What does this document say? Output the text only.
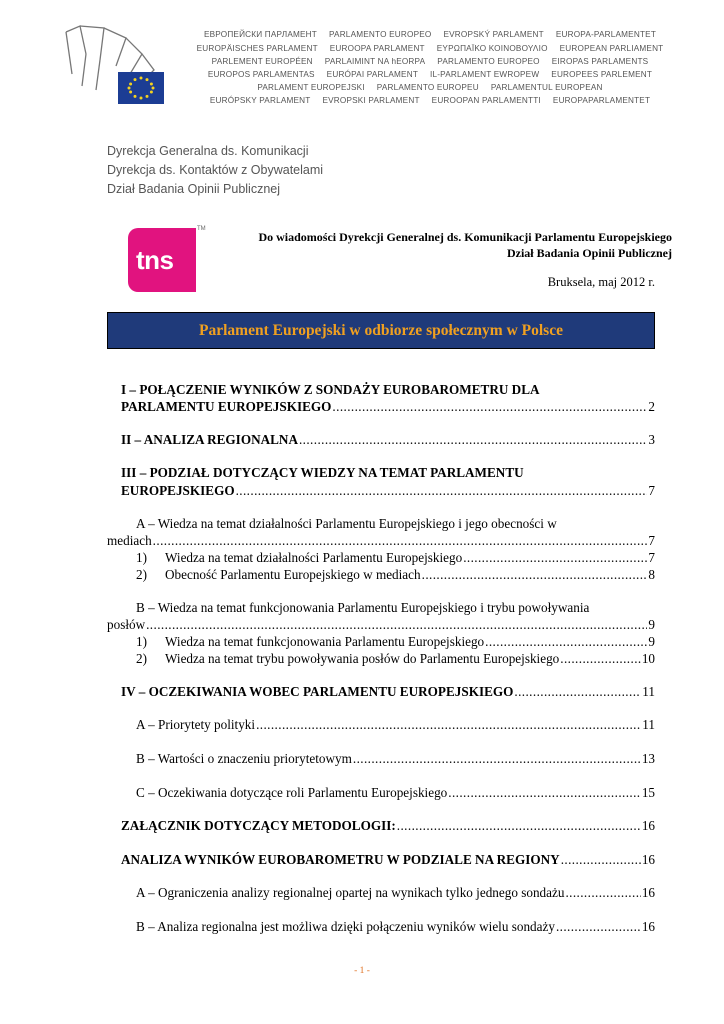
ЕВРОПЕЙСКИ ПАРЛАМЕНТ PARLAMENTO EUROPEO EVROPSKÝ PARLAMENT EUROPA-PARLAMENTET
EUROPÄISCHES PARLAMENT EUROOPA PARLAMENT ΕΥΡΩΠΑΪΚΟ ΚΟΙΝΟΒΟΥΛΙΟ EUROPEAN PARLIAMENT
PARLEMENT EUROPÉEN PARLAIMINT NA hEORPA PARLAMENTO EUROPEO EIROPAS PARLAMENTS
EUROPOS PARLAMENTAS EURÓPAI PARLAMENT IL-PARLAMENT EWROPEW EUROPEES PARLEMENT
PARLAMENT EUROPEJSKI PARLAMENTO EUROPEU PARLAMENTUL EUROPEAN
EURÓPSKY PARLAMENT EVROPSKI PARLAMENT EUROOPAN PARLAMENTTI EUROPAPARLAMENTET
Dyrekcja Generalna ds. Komunikacji
Dyrekcja ds. Kontaktów z Obywatelami
Dział Badania Opinii Publicznej
tns
TM
Do wiadomości Dyrekcji Generalnej ds. Komunikacji Parlamentu Europejskiego
Dział Badania Opinii Publicznej
Bruksela, maj 2012 r.
Parlament Europejski w odbiorze społecznym w Polsce
I – POŁĄCZENIE WYNIKÓW Z SONDAŻY EUROBAROMETRU DLA
PARLAMENTU EUROPEJSKIEGO .....	2
II – ANALIZA REGIONALNA .....	3
III – PODZIAŁ DOTYCZĄCY WIEDZY NA TEMAT PARLAMENTU
EUROPEJSKIEGO .....	7
A – Wiedza na temat działalności Parlamentu Europejskiego i jego obecności w
mediach .....	7
1) Wiedza na temat działalności Parlamentu Europejskiego .....	7
2) Obecność Parlamentu Europejskiego w mediach .....	8
B – Wiedza na temat funkcjonowania Parlamentu Europejskiego i trybu powoływania
posłów .....	9
1) Wiedza na temat funkcjonowania Parlamentu Europejskiego .....	9
2) Wiedza na temat trybu powoływania posłów do Parlamentu Europejskiego .....	10
IV – OCZEKIWANIA WOBEC PARLAMENTU EUROPEJSKIEGO .....	11
A – Priorytety polityki .....	11
B – Wartości o znaczeniu priorytetowym .....	13
C – Oczekiwania dotyczące roli Parlamentu Europejskiego .....	15
ZAŁĄCZNIK DOTYCZĄCY METODOLOGII: .....	16
ANALIZA WYNIKÓW EUROBAROMETRU W PODZIALE NA REGIONY .....	16
A – Ograniczenia analizy regionalnej opartej na wynikach tylko jednego sondażu .....	16
B – Analiza regionalna jest możliwa dzięki połączeniu wyników wielu sondaży .....	16
- 1 -
